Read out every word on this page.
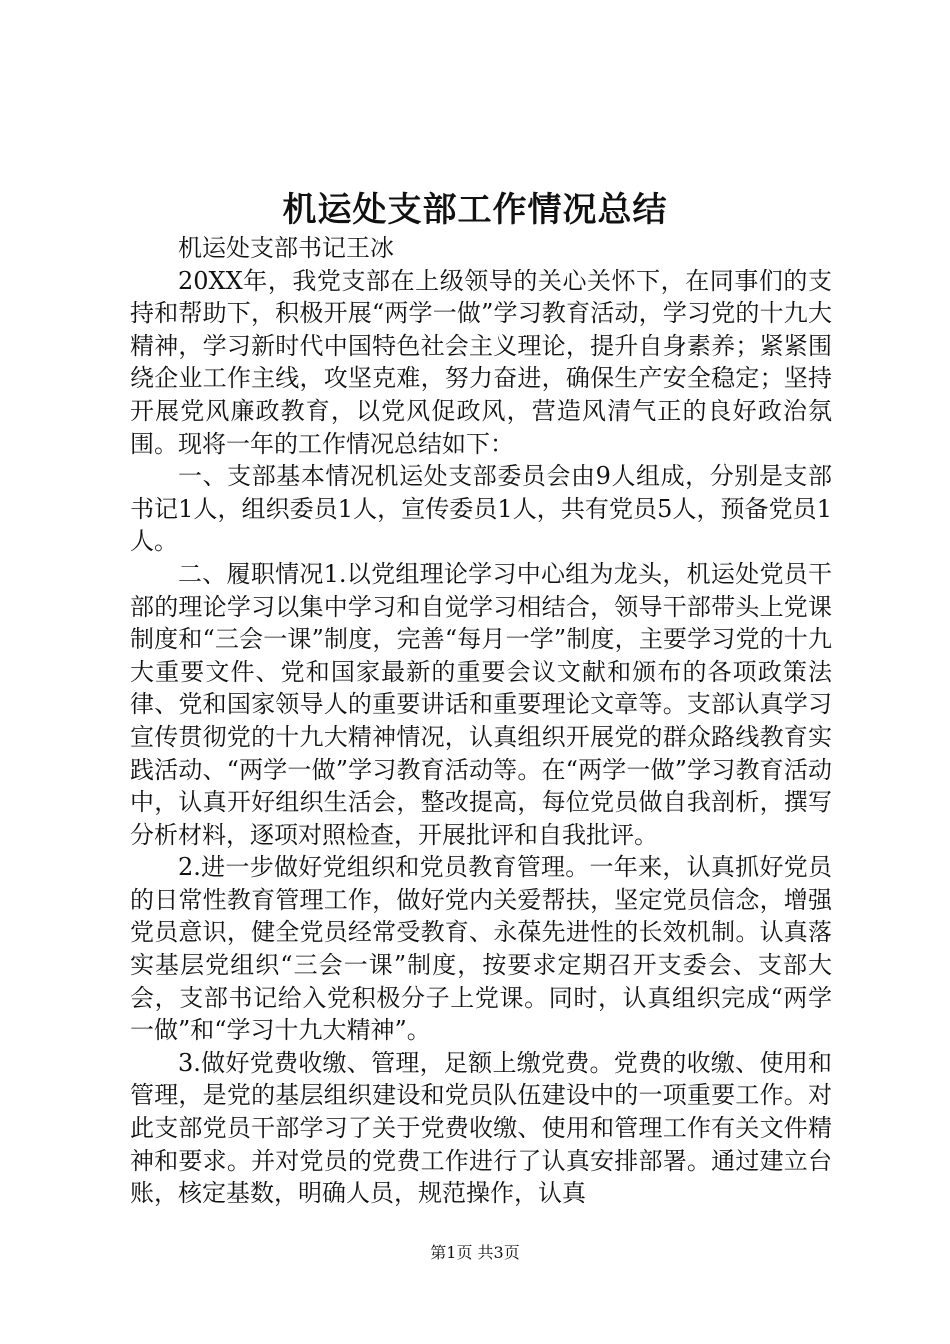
机运处支部工作情况总结

机运处支部书记王冰

20XX年，我党支部在上级领导的关心关怀下，在同事们的支持和帮助下，积极开展“两学一做”学习教育活动，学习党的十九大精神，学习新时代中国特色社会主义理论，提升自身素养；紧紧围绕企业工作主线，攻坚克难，努力奋进，确保生产安全稳定；坚持开展党风廉政教育，以党风促政风，营造风清气正的良好政治氛围。现将一年的工作情况总结如下：

一、支部基本情况机运处支部委员会由9人组成，分别是支部书记1人，组织委员1人，宣传委员1人，共有党员5人，预备党员1人。

二、履职情况1.以党组理论学习中心组为龙头，机运处党员干部的理论学习以集中学习和自觉学习相结合，领导干部带头上党课制度和“三会一课”制度，完善“每月一学”制度，主要学习党的十九大重要文件、党和国家最新的重要会议文献和颁布的各项政策法律、党和国家领导人的重要讲话和重要理论文章等。支部认真学习宣传贯彻党的十九大精神情况，认真组织开展党的群众路线教育实践活动、“两学一做”学习教育活动等。在“两学一做”学习教育活动中，认真开好组织生活会，整改提高，每位党员做自我剖析，撰写分析材料，逐项对照检查，开展批评和自我批评。

2.进一步做好党组织和党员教育管理。一年来，认真抓好党员的日常性教育管理工作，做好党内关爱帮扶，坚定党员信念，增强党员意识，健全党员经常受教育、永葆先进性的长效机制。认真落实基层党组织“三会一课”制度，按要求定期召开支委会、支部大会，支部书记给入党积极分子上党课。同时，认真组织完成“两学一做”和“学习十九大精神”。

3.做好党费收缴、管理，足额上缴党费。党费的收缴、使用和管理，是党的基层组织建设和党员队伍建设中的一项重要工作。对此支部党员干部学习了关于党费收缴、使用和管理工作有关文件精神和要求。并对党员的党费工作进行了认真安排部署。通过建立台账，核定基数，明确人员，规范操作，认真

第1页 共3页
